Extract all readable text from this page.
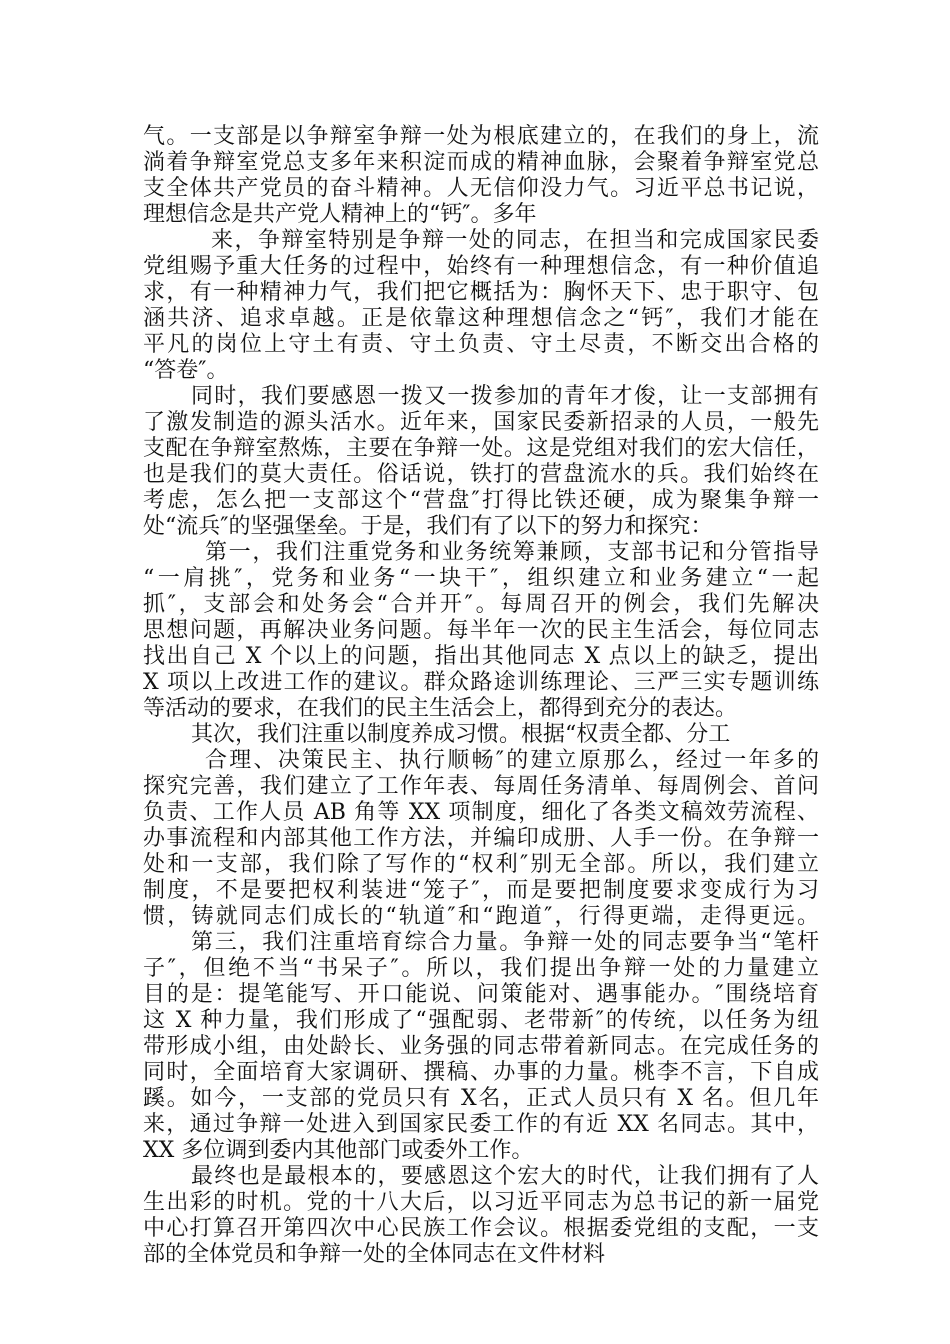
气。一支部是以争辩室争辩一处为根底建立的，在我们的身上，流
淌着争辩室党总支多年来积淀而成的精神血脉，会聚着争辩室党总
支全体共产党员的奋斗精神。人无信仰没力气。习近平总书记说，
理想信念是共产党人精神上的“钙″。多年
来，争辩室特别是争辩一处的同志，在担当和完成国家民委
党组赐予重大任务的过程中，始终有一种理想信念，有一种价值追
求，有一种精神力气，我们把它概括为：胸怀天下、忠于职守、包
涵共济、追求卓越。正是依靠这种理想信念之“钙″，我们才能在
平凡的岗位上守土有责、守土负责、守土尽责，不断交出合格的
“答卷″。
同时，我们要感恩一拨又一拨参加的青年才俊，让一支部拥有
了激发制造的源头活水。近年来，国家民委新招录的人员，一般先
支配在争辩室熬炼，主要在争辩一处。这是党组对我们的宏大信任，
也是我们的莫大责任。俗话说，铁打的营盘流水的兵。我们始终在
考虑，怎么把一支部这个“营盘″打得比铁还硬，成为聚集争辩一
处“流兵″的坚强堡垒。于是，我们有了以下的努力和探究：
第一，我们注重党务和业务统筹兼顾，支部书记和分管指导
“一肩挑″，党务和业务“一块干″，组织建立和业务建立“一起
抓″，支部会和处务会“合并开″。每周召开的例会，我们先解决
思想问题，再解决业务问题。每半年一次的民主生活会，每位同志
找出自己 X 个以上的问题，指出其他同志 X 点以上的缺乏，提出
X 项以上改进工作的建议。群众路途训练理论、三严三实专题训练
等活动的要求，在我们的民主生活会上，都得到充分的表达。
其次，我们注重以制度养成习惯。根据“权责全都、分工
合理、决策民主、执行顺畅″的建立原那么，经过一年多的
探究完善，我们建立了工作年表、每周任务清单、每周例会、首问
负责、工作人员 AB 角等 XX 项制度，细化了各类文稿效劳流程、
办事流程和内部其他工作方法，并编印成册、人手一份。在争辩一
处和一支部，我们除了写作的“权利″别无全部。所以，我们建立
制度，不是要把权利装进“笼子″，而是要把制度要求变成行为习
惯，铸就同志们成长的“轨道″和“跑道″，行得更端，走得更远。
第三，我们注重培育综合力量。争辩一处的同志要争当“笔杆
子″，但绝不当“书呆子″。所以，我们提出争辩一处的力量建立
目的是：提笔能写、开口能说、问策能对、遇事能办。″围绕培育
这 X 种力量，我们形成了“强配弱、老带新″的传统，以任务为纽
带形成小组，由处龄长、业务强的同志带着新同志。在完成任务的
同时，全面培育大家调研、撰稿、办事的力量。桃李不言，下自成
蹊。如今，一支部的党员只有 X名，正式人员只有 X 名。但几年
来，通过争辩一处进入到国家民委工作的有近 XX 名同志。其中，
XX 多位调到委内其他部门或委外工作。
最终也是最根本的，要感恩这个宏大的时代，让我们拥有了人
生出彩的时机。党的十八大后，以习近平同志为总书记的新一届党
中心打算召开第四次中心民族工作会议。根据委党组的支配，一支
部的全体党员和争辩一处的全体同志在文件材料
